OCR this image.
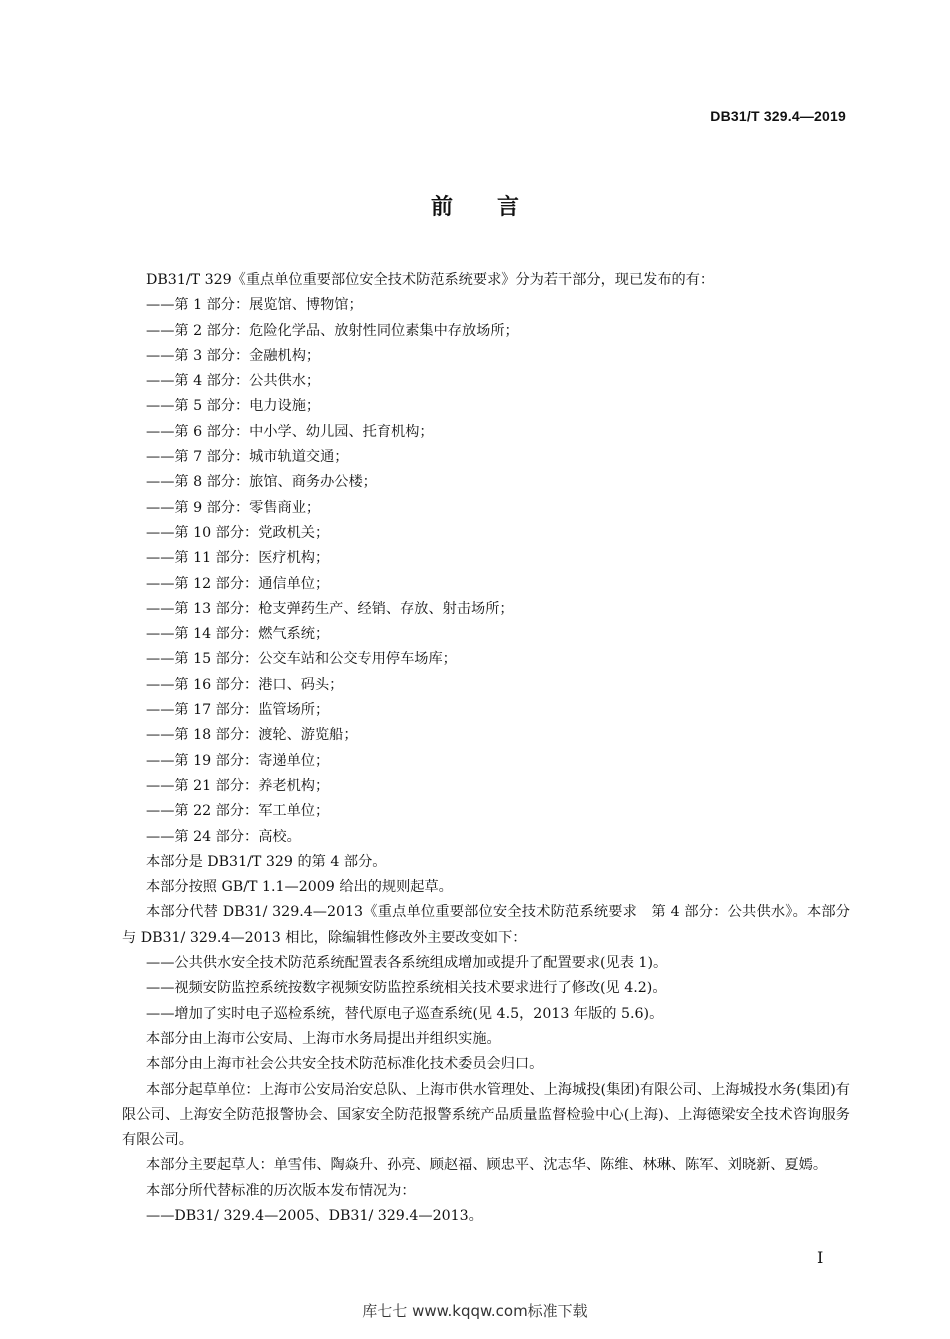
DB31/T 329.4—2019
前言
DB31/T 329《重点单位重要部位安全技术防范系统要求》分为若干部分，现已发布的有：
——第 1 部分：展览馆、博物馆；
——第 2 部分：危险化学品、放射性同位素集中存放场所；
——第 3 部分：金融机构；
——第 4 部分：公共供水；
——第 5 部分：电力设施；
——第 6 部分：中小学、幼儿园、托育机构；
——第 7 部分：城市轨道交通；
——第 8 部分：旅馆、商务办公楼；
——第 9 部分：零售商业；
——第 10 部分：党政机关；
——第 11 部分：医疗机构；
——第 12 部分：通信单位；
——第 13 部分：枪支弹药生产、经销、存放、射击场所；
——第 14 部分：燃气系统；
——第 15 部分：公交车站和公交专用停车场库；
——第 16 部分：港口、码头；
——第 17 部分：监管场所；
——第 18 部分：渡轮、游览船；
——第 19 部分：寄递单位；
——第 21 部分：养老机构；
——第 22 部分：军工单位；
——第 24 部分：高校。
本部分是 DB31/T 329 的第 4 部分。
本部分按照 GB/T 1.1—2009 给出的规则起草。
本部分代替 DB31/ 329.4—2013《重点单位重要部位安全技术防范系统要求　第 4 部分：公共供水》。本部分与 DB31/ 329.4—2013 相比，除编辑性修改外主要改变如下：
——公共供水安全技术防范系统配置表各系统组成增加或提升了配置要求(见表 1)。
——视频安防监控系统按数字视频安防监控系统相关技术要求进行了修改(见 4.2)。
——增加了实时电子巡检系统，替代原电子巡查系统(见 4.5，2013 年版的 5.6)。
本部分由上海市公安局、上海市水务局提出并组织实施。
本部分由上海市社会公共安全技术防范标准化技术委员会归口。
本部分起草单位：上海市公安局治安总队、上海市供水管理处、上海城投(集团)有限公司、上海城投水务(集团)有限公司、上海安全防范报警协会、国家安全防范报警系统产品质量监督检验中心(上海)、上海德梁安全技术咨询服务有限公司。
本部分主要起草人：单雪伟、陶焱升、孙亮、顾赵福、顾忠平、沈志华、陈维、林琳、陈军、刘晓新、夏嫣。
本部分所代替标准的历次版本发布情况为：
——DB31/ 329.4—2005、DB31/ 329.4—2013。
I
库七七 www.kqqw.com标准下载
